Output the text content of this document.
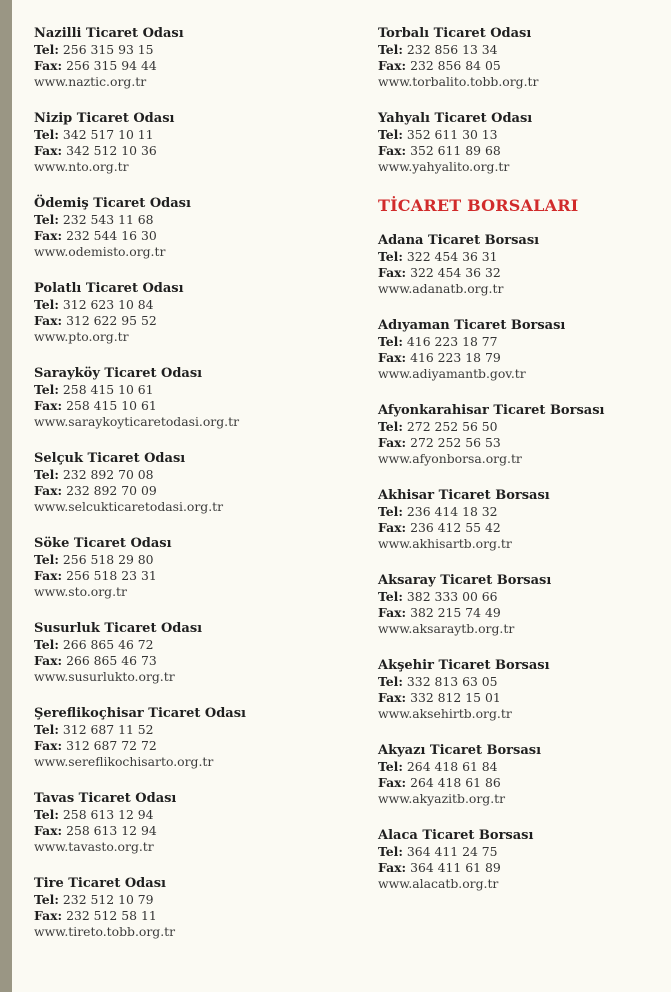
Nazilli Ticaret Odası
Tel: 256 315 93 15
Fax: 256 315 94 44
www.naztic.org.tr
Nizip Ticaret Odası
Tel: 342 517 10 11
Fax: 342 512 10 36
www.nto.org.tr
Ödemiş Ticaret Odası
Tel: 232 543 11 68
Fax: 232 544 16 30
www.odemisto.org.tr
Polatlı Ticaret Odası
Tel: 312 623 10 84
Fax: 312 622 95 52
www.pto.org.tr
Sarayköy Ticaret Odası
Tel: 258 415 10 61
Fax: 258 415 10 61
www.saraykoyticaretodasi.org.tr
Selçuk Ticaret Odası
Tel: 232 892 70 08
Fax: 232 892 70 09
www.selcukticaretodasi.org.tr
Söke Ticaret Odası
Tel: 256 518 29 80
Fax: 256 518 23 31
www.sto.org.tr
Susurluk Ticaret Odası
Tel: 266 865 46 72
Fax: 266 865 46 73
www.susurlukto.org.tr
Şereflikoçhisar Ticaret Odası
Tel: 312 687 11 52
Fax: 312 687 72 72
www.sereflikochisarto.org.tr
Tavas Ticaret Odası
Tel: 258 613 12 94
Fax: 258 613 12 94
www.tavasto.org.tr
Tire Ticaret Odası
Tel: 232 512 10 79
Fax: 232 512 58 11
www.tireto.tobb.org.tr
Torbalı Ticaret Odası
Tel: 232 856 13 34
Fax: 232 856 84 05
www.torbalito.tobb.org.tr
Yahyalı Ticaret Odası
Tel: 352 611 30 13
Fax: 352 611 89 68
www.yahyalito.org.tr
TİCARET BORSALARI
Adana Ticaret Borsası
Tel: 322 454 36 31
Fax: 322 454 36 32
www.adanatb.org.tr
Adıyaman Ticaret Borsası
Tel: 416 223 18 77
Fax: 416 223 18 79
www.adiyamantb.gov.tr
Afyonkarahisar Ticaret Borsası
Tel: 272 252 56 50
Fax: 272 252 56 53
www.afyonborsa.org.tr
Akhisar Ticaret Borsası
Tel: 236 414 18 32
Fax: 236 412 55 42
www.akhisartb.org.tr
Aksaray Ticaret Borsası
Tel: 382 333 00 66
Fax: 382 215 74 49
www.aksaraytb.org.tr
Akşehir Ticaret Borsası
Tel: 332 813 63 05
Fax: 332 812 15 01
www.aksehirtb.org.tr
Akyazı Ticaret Borsası
Tel: 264 418 61 84
Fax: 264 418 61 86
www.akyazitb.org.tr
Alaca Ticaret Borsası
Tel: 364 411 24 75
Fax: 364 411 61 89
www.alacatb.org.tr
